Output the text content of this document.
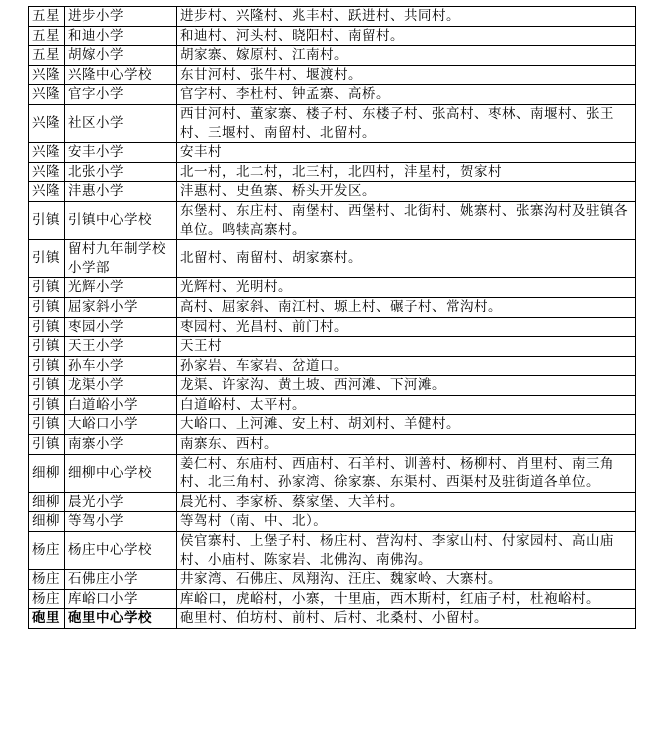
五星	进步小学	进步村、兴隆村、兆丰村、跃进村、共同村。
五星	和迪小学	和迪村、河头村、晓阳村、南留村。
五星	胡嫁小学	胡家寨、嫁原村、江南村。
兴隆	兴隆中心学校	东甘河村、张牛村、堰渡村。
兴隆	官字小学	官字村、李杜村、钟孟寨、高桥。
兴隆	社区小学	西甘河村、董家寨、楼子村、东楼子村、张高村、枣林、南堰村、张王村、三堰村、南留村、北留村。
兴隆	安丰小学	安丰村
兴隆	北张小学	北一村，北二村，北三村，北四村，沣星村，贺家村
兴隆	沣惠小学	沣惠村、史鱼寨、桥头开发区。
引镇	引镇中心学校	东堡村、东庄村、南堡村、西堡村、北街村、姚寨村、张寨沟村及驻镇各单位。鸣犊高寨村。
引镇	留村九年制学校小学部	北留村、南留村、胡家寨村。
引镇	光辉小学	光辉村、光明村。
引镇	屈家斜小学	高村、屈家斜、南江村、塬上村、碾子村、常沟村。
引镇	枣园小学	枣园村、光昌村、前门村。
引镇	天王小学	天王村
引镇	孙车小学	孙家岩、车家岩、岔道口。
引镇	龙渠小学	龙渠、许家沟、黄土坡、西河滩、下河滩。
引镇	白道峪小学	白道峪村、太平村。
引镇	大峪口小学	大峪口、上河滩、安上村、胡刘村、羊健村。
引镇	南寨小学	南寨东、西村。
细柳	细柳中心学校	姜仁村、东庙村、西庙村、石羊村、训善村、杨柳村、肖里村、南三角村、北三角村、孙家湾、徐家寨、东渠村、西渠村及驻街道各单位。
细柳	晨光小学	晨光村、李家桥、蔡家堡、大羊村。
细柳	等驾小学	等驾村（南、中、北）。
杨庄	杨庄中心学校	侯官寨村、上堡子村、杨庄村、营沟村、李家山村、付家园村、高山庙村、小庙村、陈家岩、北佛沟、南佛沟。
杨庄	石佛庄小学	井家湾、石佛庄、凤翔沟、汪庄、魏家岭、大寨村。
杨庄	库峪口小学	库峪口，虎峪村，小寨，十里庙，西木斯村，红庙子村，杜袍峪村。
砲里	砲里中心学校	砲里村、伯坊村、前村、后村、北桑村、小留村。
